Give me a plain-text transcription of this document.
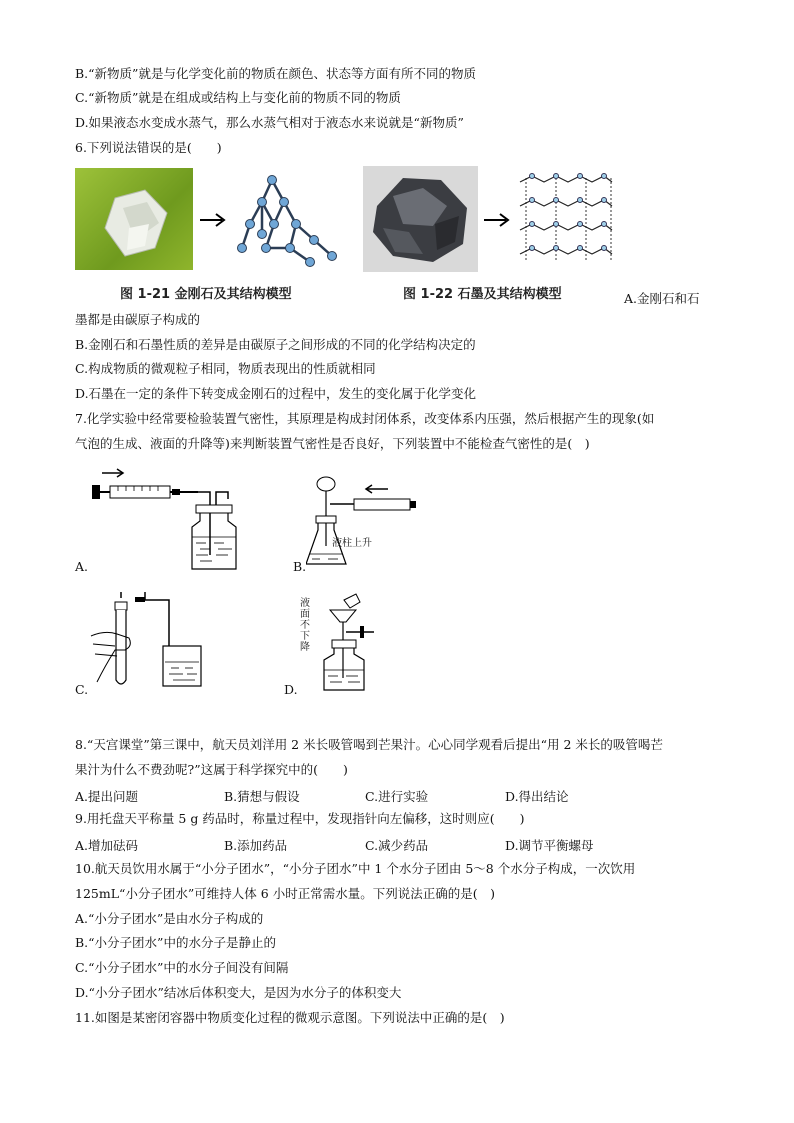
B.“新物质”就是与化学变化前的物质在颜色、状态等方面有所不同的物质
C.“新物质”就是在组成或结构上与变化前的物质不同的物质
D.如果液态水变成水蒸气，那么水蒸气相对于液态水来说就是“新物质”
6.下列说法错误的是(　　)
图 1-21 金刚石及其结构模型	图 1-22 石墨及其结构模型	A.金刚石和石
墨都是由碳原子构成的
B.金刚石和石墨性质的差异是由碳原子之间形成的不同的化学结构决定的
C.构成物质的微观粒子相同，物质表现出的性质就相同
D.石墨在一定的条件下转变成金刚石的过程中，发生的变化属于化学变化
7.化学实验中经常要检验装置气密性，其原理是构成封闭体系，改变体系内压强，然后根据产生的现象(如
气泡的生成、液面的升降等)来判断装置气密性是否良好，下列装置中不能检查气密性的是(　)
A.
液柱上升
B.
C.
液面不下降
D.
8.“天宫课堂”第三课中，航天员刘洋用 2 米长吸管喝到芒果汁。心心同学观看后提出“用 2 米长的吸管喝芒
果汁为什么不费劲呢?”这属于科学探究中的(　　)
A.提出问题	B.猜想与假设	C.进行实验	D.得出结论
9.用托盘天平称量 5 g 药品时，称量过程中，发现指针向左偏移，这时则应(　　)
A.增加砝码	B.添加药品	C.减少药品	D.调节平衡螺母
10.航天员饮用水属于“小分子团水”，“小分子团水”中 1 个水分子团由 5～8 个水分子构成，一次饮用
125mL“小分子团水”可维持人体 6 小时正常需水量。下列说法正确的是(　)
A.“小分子团水”是由水分子构成的
B.“小分子团水”中的水分子是静止的
C.“小分子团水”中的水分子间没有间隔
D.“小分子团水”结冰后体积变大，是因为水分子的体积变大
11.如图是某密闭容器中物质变化过程的微观示意图。下列说法中正确的是(　)
